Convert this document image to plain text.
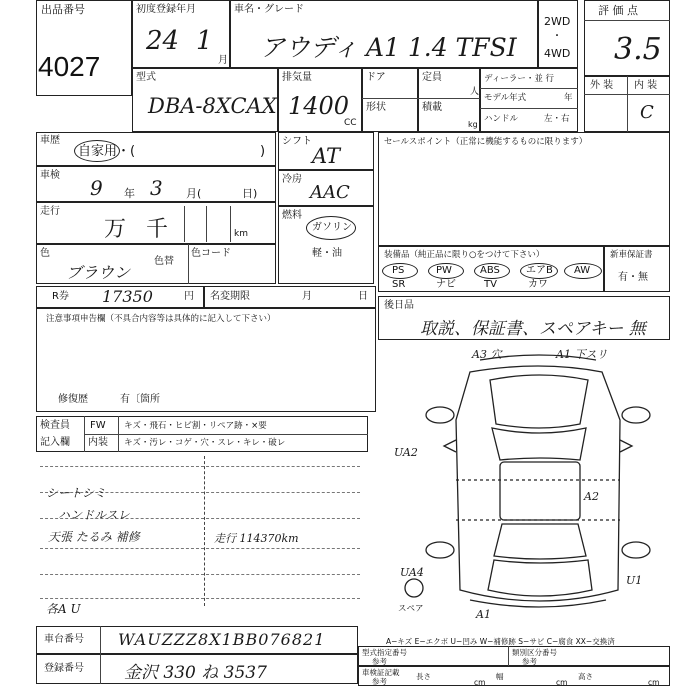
出品番号
4027
初度登録年月
24 1
月
車名・グレード
アウディ A1 1.4 TFSI
2WD
・
4WD
評 価 点
3.5
型式
DBA-8XCAX
排気量
1400
CC
ドア
形状
定員
人
積載
kg
ディーラー・並 行
モデル年式	年
ハンドル	左・右
外 装 内 装
C
車歴
自家用・(	)
車検
9 年 3 月(	日)
走行
万 千	km
色
ブラウン
色替
色コード
シフト
AT
冷房
AAC
燃料
ガソリン
軽・油
セールスポイント（正常に機能するものに限ります）
装備品（純正品に限り○をつけて下さい）
PS	PW	ABS	エアB AW
SR	ナビ	TV	カワ
新車保証書
有・無
R券 17350	円 名変期限	月	日
注意事項申告欄（不具合内容等は具体的に記入して下さい）
修復歴	有〔箇所
後日品
取説、保証書、スペアキー 無
検査員
記入欄
FW キズ・飛石・ヒビ割・リペア跡・×要
内装 キズ・汚レ・コゲ・穴・スレ・キレ・破レ
シートシミ
ハンドルスレ
天張 たるみ 補修	走行 114370km
各A U
A3 穴	A1 下スリ
UA2
A2
UA4
U1
A1
スペア
A−キズ E−エクボ U−凹み W−補修跡 S−サビ C−腐食 XX−交換済
車台番号 WAUZZZ8X1BB076821
登録番号 金沢 330 ね 3537
型式指定番号
参考
類別区分番号
参考
車検証記載
参考
長さ
cm
幅
cm
高さ
cm
